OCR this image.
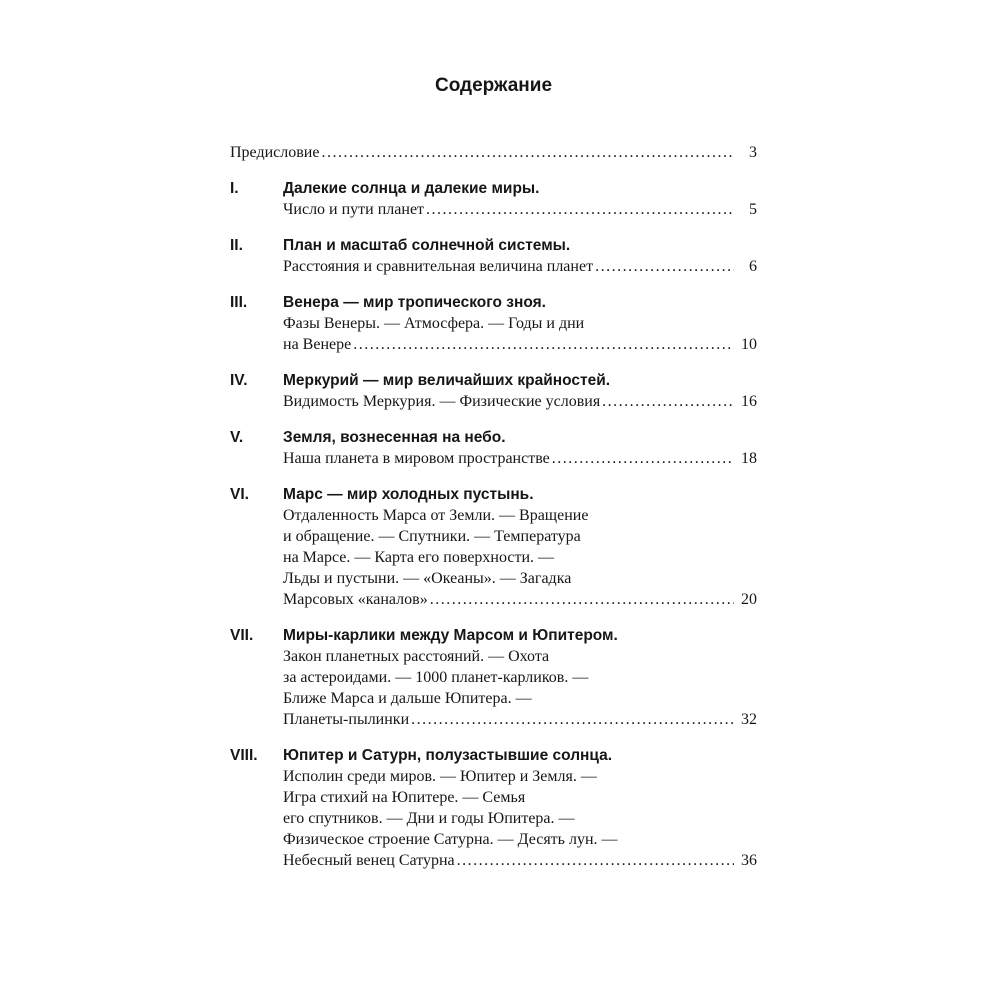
Содержание
Предисловие .....	3
I.	Далекие солнца и далекие миры.
Число и пути планет .....	5
II.	План и масштаб солнечной системы.
Расстояния и сравнительная величина планет .....	6
III.	Венера — мир тропического зноя.
Фазы Венеры. — Атмосфера. — Годы и дни
на Венере .....	10
IV.	Меркурий — мир величайших крайностей.
Видимость Меркурия. — Физические условия .....	16
V.	Земля, вознесенная на небо.
Наша планета в мировом пространстве .....	18
VI.	Марс — мир холодных пустынь.
Отдаленность Марса от Земли. — Вращение
и обращение. — Спутники. — Температура
на Марсе. — Карта его поверхности. —
Льды и пустыни. — «Океаны». — Загадка
Марсовых «каналов» .....	20
VII.	Миры-карлики между Марсом и Юпитером.
Закон планетных расстояний. — Охота
за астероидами. — 1000 планет-карликов. —
Ближе Марса и дальше Юпитера. —
Планеты-пылинки .....	32
VIII.	Юпитер и Сатурн, полузастывшие солнца.
Исполин среди миров. — Юпитер и Земля. —
Игра стихий на Юпитере. — Семья
его спутников. — Дни и годы Юпитера. —
Физическое строение Сатурна. — Десять лун. —
Небесный венец Сатурна .....	36
